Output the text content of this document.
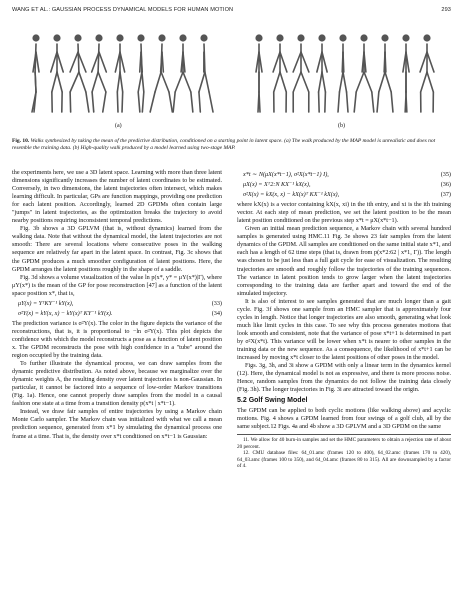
WANG ET AL.: GAUSSIAN PROCESS DYNAMICAL MODELS FOR HUMAN MOTION	293
(a)	(b)
Fig. 10. Walks synthesized by taking the mean of the predictive distribution, conditioned on a starting point in latent space. (a) The walk produced by the MAP model is unrealistic and does not resemble the training data. (b) High-quality walk produced by a model learned using two-stage MAP.

the experiments here, we use a 3D latent space. Learning with more than three latent dimensions significantly increases the number of latent coordinates to be estimated. Conversely, in two dimensions, the latent trajectories often intersect, which makes learning difficult. In particular, GPs are function mappings, providing one prediction for each latent position. Accordingly, learned 2D GPDMs often contain large "jumps" in latent trajectories, as the optimization breaks the trajectory to avoid nearby positions requiring inconsistent temporal predictions.

Fig. 3b shows a 3D GPLVM (that is, without dynamics) learned from the walking data. Note that without the dynamical model, the latent trajectories are not smooth: There are several locations where consecutive poses in the walking sequence are relatively far apart in the latent space. In contrast, Fig. 3c shows that the GPDM produces a much smoother configuration of latent positions. Here, the GPDM arranges the latent positions roughly in the shape of a saddle.

Fig. 3d shows a volume visualization of the value ln p(x*, y* = μY(x*)|Γ), where μY(x*) is the mean of the GP for pose reconstruction [47] as a function of the latent space position x*, that is,

μY(x) = YᵀKY⁻¹ kY(x),	(33)
σ²Y(x) = kY(x, x) − kY(x)ᵀ KY⁻¹ kY(x).	(34)

The prediction variance is σ²Y(x). The color in the figure depicts the variance of the reconstructions, that is, it is proportional to −ln σ²Y(x). This plot depicts the confidence with which the model reconstructs a pose as a function of latent position x. The GPDM reconstructs the pose with high confidence in a "tube" around the region occupied by the training data.

To further illustrate the dynamical process, we can draw samples from the dynamic predictive distribution. As noted above, because we marginalize over the dynamic weights A, the resulting density over latent trajectories is non-Gaussian. In particular, it cannot be factored into a sequence of low-order Markov transitions (Fig. 1a). Hence, one cannot properly draw samples from the model in a causal fashion one state at a time from a transition density p(x*t | x*t−1).

Instead, we draw fair samples of entire trajectories by using a Markov chain Monte Carlo sampler. The Markov chain was initialized with what we call a mean prediction sequence, generated from x*1 by simulating the dynamical process one frame at a time. That is, the density over x*t conditioned on x*t−1 is Gaussian:

x*t ∼ N(μX(x*t−1), σ²X(x*t−1) I),	(35)
μX(x) = Xᵀ2:N KX⁻¹ kX(x),	(36)
σ²X(x) = kX(x, x) − kX(x)ᵀ KX⁻¹ kX(x),	(37)

where kX(x) is a vector containing kX(x, xi) in the ith entry, and xi is the ith training vector. At each step of mean prediction, we set the latent position to be the mean latent position conditioned on the previous step x*t = μX(x*t−1).

Given an initial mean prediction sequence, a Markov chain with several hundred samples is generated using HMC.11 Fig. 3e shows 23 fair samples from the latent dynamics of the GPDM. All samples are conditioned on the same initial state x*1, and each has a length of 62 time steps (that is, drawn from p(x*2:62 | x*1, Γ)). The length was chosen to be just less than a full gait cycle for ease of visualization. The resulting trajectories are smooth and roughly follow the trajectories of the training sequences. The variance in latent position tends to grow larger when the latent trajectories corresponding to the training data are farther apart and toward the end of the simulated trajectory.

It is also of interest to see samples generated that are much longer than a gait cycle. Fig. 3f shows one sample from an HMC sampler that is approximately four cycles in length. Notice that longer trajectories are also smooth, generating what look much like limit cycles in this case. To see why this process generates motions that look smooth and consistent, note that the variance of pose x*t+1 is determined in part by σ²X(x*t). This variance will be lower when x*t is nearer to other samples in the training data or the new sequence. As a consequence, the likelihood of x*t+1 can be increased by moving x*t closer to the latent positions of other poses in the model.

Figs. 3g, 3h, and 3i show a GPDM with only a linear term in the dynamics kernel (12). Here, the dynamical model is not as expressive, and there is more process noise. Hence, random samples from the dynamics do not follow the training data closely (Fig. 3h). The longer trajectories in Fig. 3i are attracted toward the origin.

5.2 Golf Swing Model

The GPDM can be applied to both cyclic motions (like walking above) and acyclic motions. Fig. 4 shows a GPDM learned from four swings of a golf club, all by the same subject.12 Figs. 4a and 4b show a 3D GPLVM and a 3D GPDM on the same

11. We allow for 40 burn-in samples and set the HMC parameters to obtain a rejection rate of about 20 percent.

12. CMU database files: 64_01.amc (frames 120 to 400), 64_02.amc (frames 170 to 420), 64_03.amc (frames 100 to 350), and 64_04.amc (frames 80 to 315). All are downsampled by a factor of 4.
